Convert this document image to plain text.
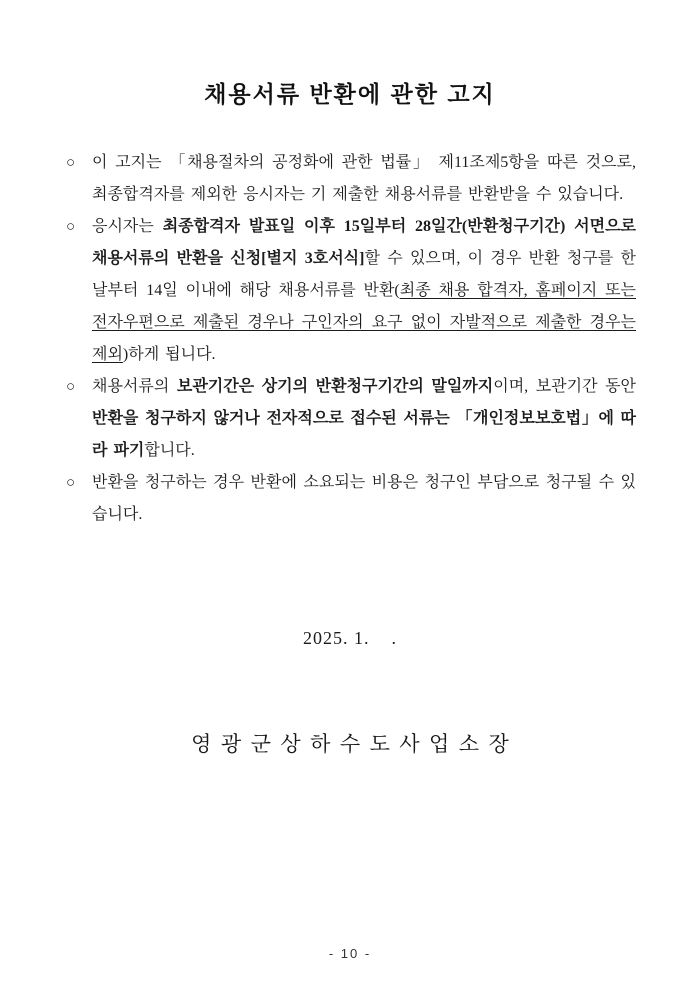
채용서류 반환에 관한 고지
○	이 고지는 「채용절차의 공정화에 관한 법률」 제11조제5항을 따른 것으로, 최종합격자를 제외한 응시자는 기 제출한 채용서류를 반환받을 수 있습니다.
○	응시자는 최종합격자 발표일 이후 15일부터 28일간(반환청구기간) 서면으로 채용서류의 반환을 신청[별지 3호서식]할 수 있으며, 이 경우 반환 청구를 한 날부터 14일 이내에 해당 채용서류를 반환(최종 채용 합격자, 홈페이지 또는 전자우편으로 제출된 경우나 구인자의 요구 없이 자발적으로 제출한 경우는 제외)하게 됩니다.
○	채용서류의 보관기간은 상기의 반환청구기간의 말일까지이며, 보관기간 동안 반환을 청구하지 않거나 전자적으로 접수된 서류는 「개인정보보호법」에 따라 파기합니다.
○	반환을 청구하는 경우 반환에 소요되는 비용은 청구인 부담으로 청구될 수 있습니다.
2025. 1.    .
영광군상하수도사업소장
- 10 -
